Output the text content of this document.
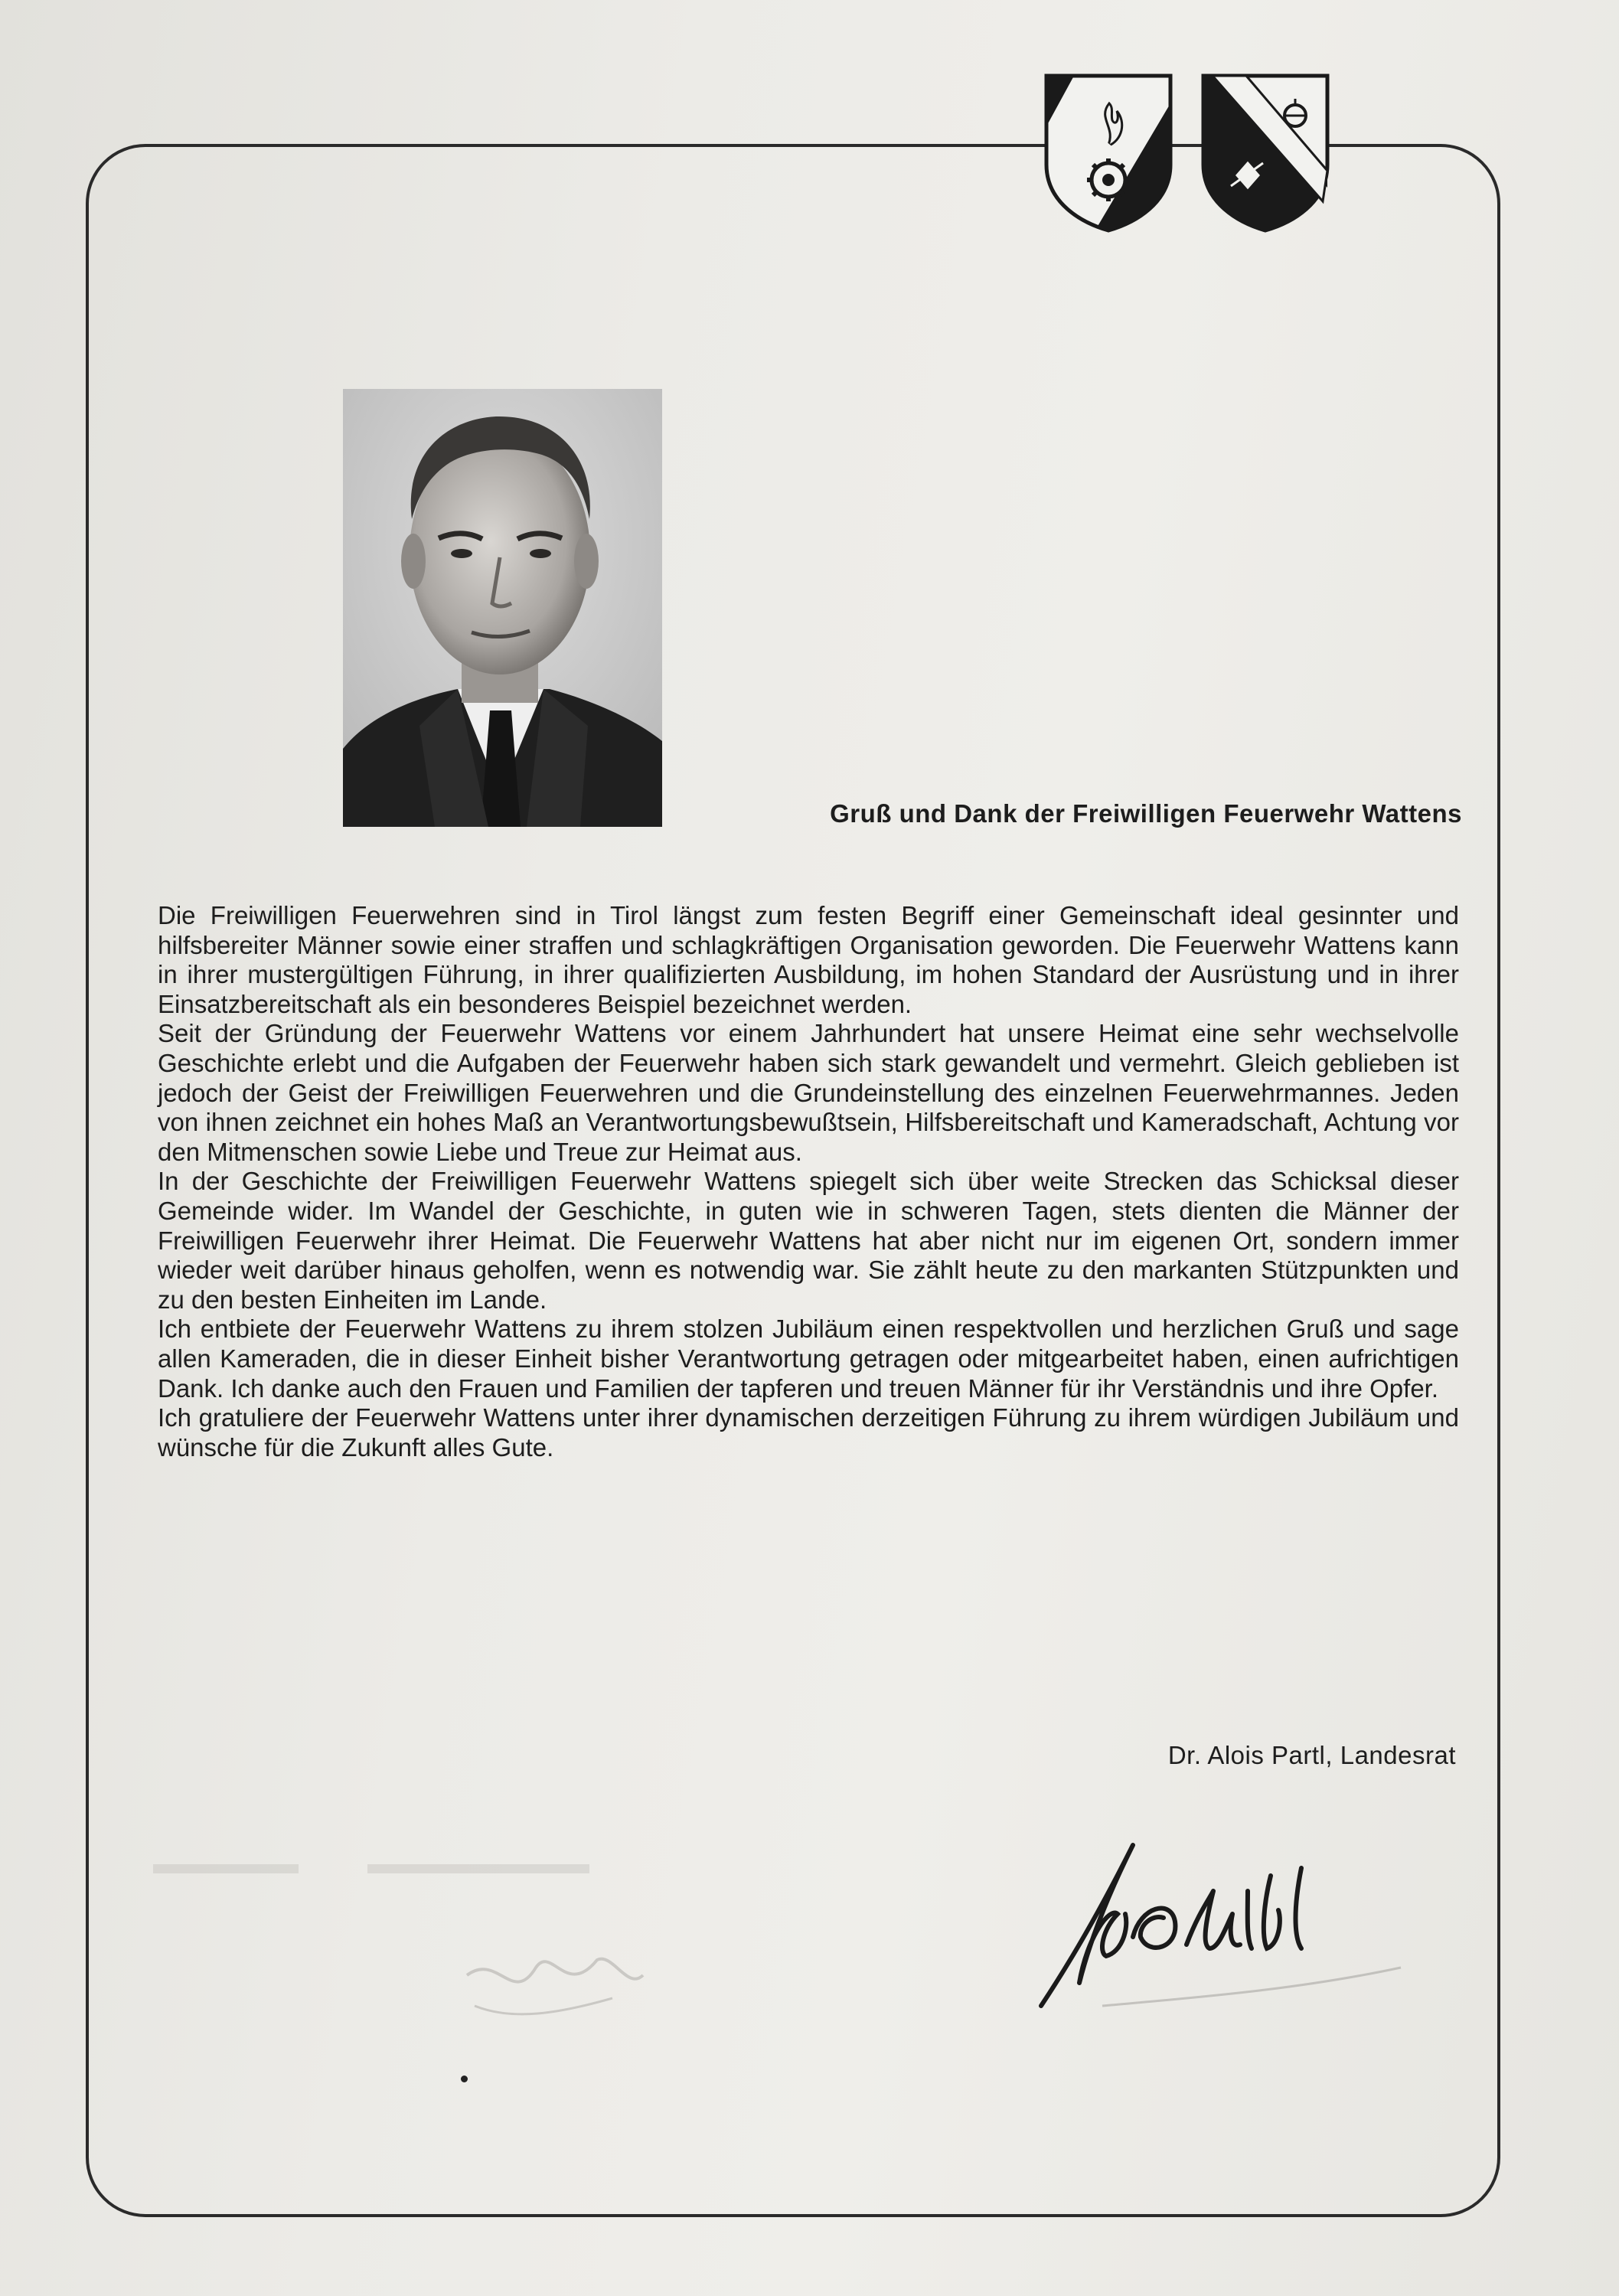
Gruß und Dank der Freiwilligen Feuerwehr Wattens

Die Freiwilligen Feuerwehren sind in Tirol längst zum festen Begriff einer Gemeinschaft ideal gesinnter und hilfsbereiter Männer sowie einer straffen und schlagkräftigen Organisation geworden. Die Feuerwehr Wattens kann in ihrer mustergültigen Führung, in ihrer qualifizierten Ausbildung, im hohen Standard der Ausrüstung und in ihrer Einsatzbereitschaft als ein besonderes Beispiel bezeichnet werden.

Seit der Gründung der Feuerwehr Wattens vor einem Jahrhundert hat unsere Heimat eine sehr wechselvolle Geschichte erlebt und die Aufgaben der Feuerwehr haben sich stark gewandelt und vermehrt. Gleich geblieben ist jedoch der Geist der Freiwilligen Feuerwehren und die Grundeinstellung des einzelnen Feuerwehrmannes. Jeden von ihnen zeichnet ein hohes Maß an Verantwortungsbewußtsein, Hilfsbereitschaft und Kameradschaft, Achtung vor den Mitmenschen sowie Liebe und Treue zur Heimat aus.

In der Geschichte der Freiwilligen Feuerwehr Wattens spiegelt sich über weite Strecken das Schicksal dieser Gemeinde wider. Im Wandel der Geschichte, in guten wie in schweren Tagen, stets dienten die Männer der Freiwilligen Feuerwehr ihrer Heimat. Die Feuerwehr Wattens hat aber nicht nur im eigenen Ort, sondern immer wieder weit darüber hinaus geholfen, wenn es notwendig war. Sie zählt heute zu den markanten Stützpunkten und zu den besten Einheiten im Lande.

Ich entbiete der Feuerwehr Wattens zu ihrem stolzen Jubiläum einen respektvollen und herzlichen Gruß und sage allen Kameraden, die in dieser Einheit bisher Verantwortung getragen oder mitgearbeitet haben, einen aufrichtigen Dank. Ich danke auch den Frauen und Familien der tapferen und treuen Männer für ihr Verständnis und ihre Opfer.

Ich gratuliere der Feuerwehr Wattens unter ihrer dynamischen derzeitigen Führung zu ihrem würdigen Jubiläum und wünsche für die Zukunft alles Gute.

Dr. Alois Partl, Landesrat
